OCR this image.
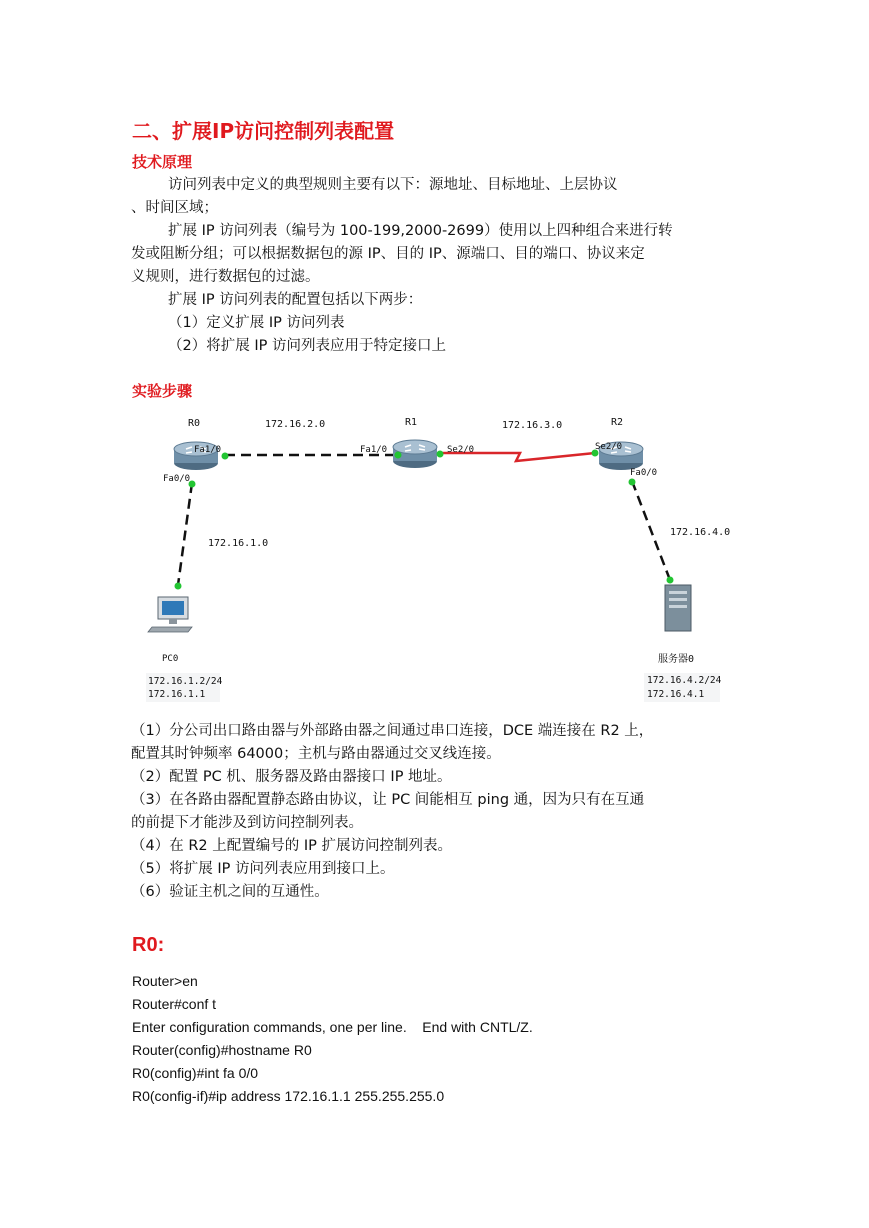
二、扩展IP访问控制列表配置
技术原理
访问列表中定义的典型规则主要有以下：源地址、目标地址、上层协议
、时间区域；
扩展 IP 访问列表（编号为 100-199,2000-2699）使用以上四种组合来进行转
发或阻断分组；可以根据数据包的源 IP、目的 IP、源端口、目的端口、协议来定
义规则，进行数据包的过滤。
扩展 IP 访问列表的配置包括以下两步：
（1）定义扩展 IP 访问列表
（2）将扩展 IP 访问列表应用于特定接口上
实验步骤
R0	R1	R2
172.16.2.0	172.16.3.0
172.16.1.0
172.16.4.0
Fa1/0
Fa0/0
Fa1/0	Se2/0	Se2/0
Fa0/0
PC0
172.16.1.2/24
172.16.1.1
服务器0
172.16.4.2/24
172.16.4.1
（1）分公司出口路由器与外部路由器之间通过串口连接，DCE 端连接在 R2 上，
配置其时钟频率 64000；主机与路由器通过交叉线连接。
（2）配置 PC 机、服务器及路由器接口 IP 地址。
（3）在各路由器配置静态路由协议，让 PC 间能相互 ping 通，因为只有在互通
的前提下才能涉及到访问控制列表。
（4）在 R2 上配置编号的 IP 扩展访问控制列表。
（5）将扩展 IP 访问列表应用到接口上。
（6）验证主机之间的互通性。
R0:
Router>en
Router#conf t
Enter configuration commands, one per line.    End with CNTL/Z.
Router(config)#hostname R0
R0(config)#int fa 0/0
R0(config-if)#ip address 172.16.1.1 255.255.255.0
